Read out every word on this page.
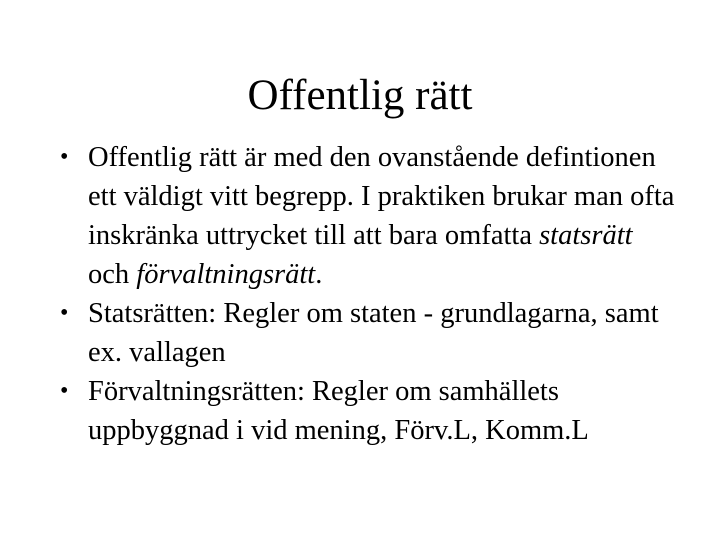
Offentlig rätt
• Offentlig rätt är med den ovanstående defintionen ett väldigt vitt begrepp. I praktiken brukar man ofta inskränka uttrycket till att bara omfatta statsrätt och förvaltningsrätt.
• Statsrätten: Regler om staten - grundlagarna, samt ex. vallagen
• Förvaltningsrätten: Regler om samhällets uppbyggnad i vid mening, Förv.L, Komm.L
